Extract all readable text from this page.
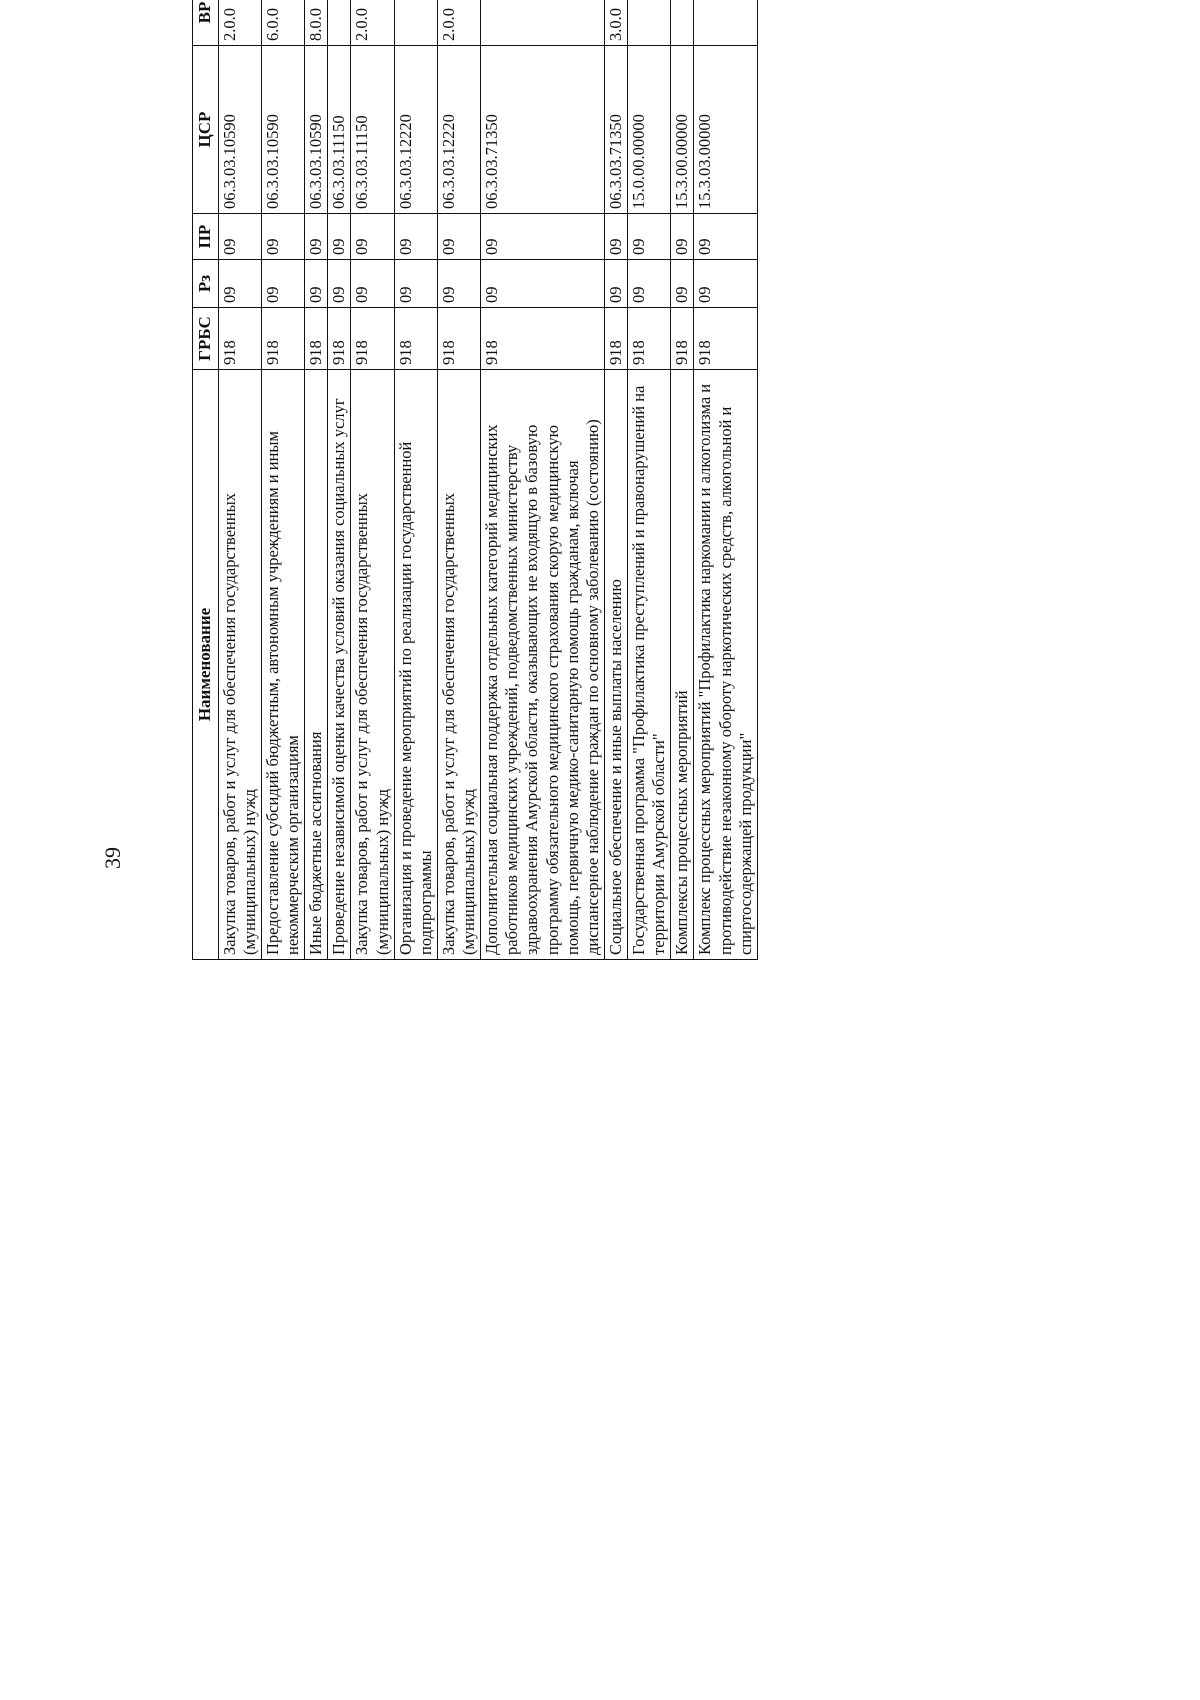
39
Наименование	ГРБС	Рз	ПР	ЦСР	ВР			
Закупка товаров, работ и услуг для обеспечения государственных (муниципальных) нужд	918	09	09	06.3.03.10590	2.0.0			
Предоставление субсидий бюджетным, автономным учреждениям и иным некоммерческим организациям	918	09	09	06.3.03.10590	6.0.0			
Иные бюджетные ассигнования	918	09	09	06.3.03.10590	8.0.0			
Проведение независимой оценки качества условий оказания социальных услуг	918	09	09	06.3.03.11150				
Закупка товаров, работ и услуг для обеспечения государственных (муниципальных) нужд	918	09	09	06.3.03.11150	2.0.0			
Организация и проведение мероприятий по реализации государственной подпрограммы	918	09	09	06.3.03.12220				
Закупка товаров, работ и услуг для обеспечения государственных (муниципальных) нужд	918	09	09	06.3.03.12220	2.0.0			
Дополнительная социальная поддержка отдельных категорий медицинских работников медицинских учреждений, подведомственных министерству здравоохранения Амурской области, оказывающих не входящую в базовую программу обязательного медицинского страхования скорую медицинскую помощь, первичную медико-санитарную помощь гражданам, включая диспансерное наблюдение граждан по основному заболеванию (состоянию)	918	09	09	06.3.03.71350				
Социальное обеспечение и иные выплаты населению	918	09	09	06.3.03.71350	3.0.0			
Государственная программа "Профилактика преступлений и правонарушений на территории Амурской области"	918	09	09	15.0.00.00000				
Комплексы процессных мероприятий	918	09	09	15.3.00.00000				
Комплекс процессных мероприятий "Профилактика наркомании и алкоголизма и противодействие незаконному обороту наркотических средств, алкогольной и спиртосодержащей продукции"	918	09	09	15.3.03.00000				
